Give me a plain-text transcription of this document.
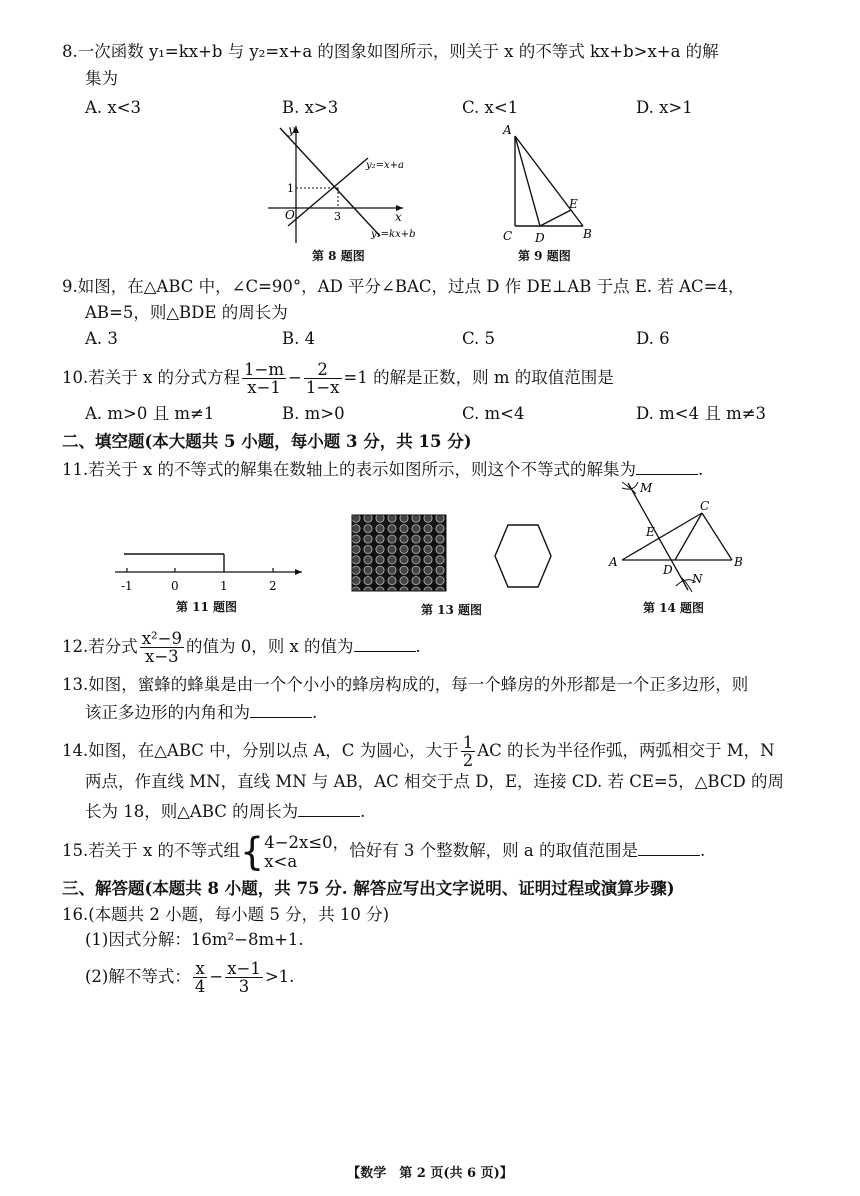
8.一次函数 y₁=kx+b 与 y₂=x+a 的图象如图所示，则关于 x 的不等式 kx+b>x+a 的解
集为
A. x<3	B. x>3	C. x<1	D. x>1
y
x
O	3
1
y₂=x+a
y₁=kx+b
第 8 题图
A
C D	B
E
第 9 题图
9.如图，在△ABC 中，∠C=90°，AD 平分∠BAC，过点 D 作 DE⊥AB 于点 E. 若 AC=4，
AB=5，则△BDE 的周长为
A. 3	B. 4	C. 5	D. 6
10.若关于 x 的分式方程 $\frac{1-m}{x-1} - \frac{2}{1-x} =1$ 的解是正数，则 m 的取值范围是
A. m>0 且 m≠1	B. m>0	C. m<4	D. m<4 且 m≠3
二、填空题(本大题共 5 小题，每小题 3 分，共 15 分)
11.若关于 x 的不等式的解集在数轴上的表示如图所示，则这个不等式的解集为	.
-1	0	1	2
第 11 题图	第 13 题图
M
C
E
A
D
B
N
第 14 题图
12.若分式 $\frac{\text{x²−9}}{x-3}$ 的值为 0，则 x 的值为	.
13.如图，蜜蜂的蜂巢是由一个个小小的蜂房构成的，每一个蜂房的外形都是一个正多边形，则
该正多边形的内角和为	.
14.如图，在△ABC 中，分别以点 A，C 为圆心，大于 $\frac{1}{2}$ AC 的长为半径作弧，两弧相交于 M，N
两点，作直线 MN，直线 MN 与 AB，AC 相交于点 D，E，连接 CD. 若 CE=5，△BCD 的周
长为 18，则△ABC 的周长为	.
15.若关于 x 的不等式组{ 4−2x≤0，
x<a
恰好有 3 个整数解，则 a 的取值范围是	.
三、解答题(本题共 8 小题，共 75 分. 解答应写出文字说明、证明过程或演算步骤)
16.(本题共 2 小题，每小题 5 分，共 10 分)
(1)因式分解：16m²−8m+1.
(2)解不等式： $\frac{x}{4} - \frac{x-1}{3} >1$.
【数学　第 2 页(共 6 页)】
